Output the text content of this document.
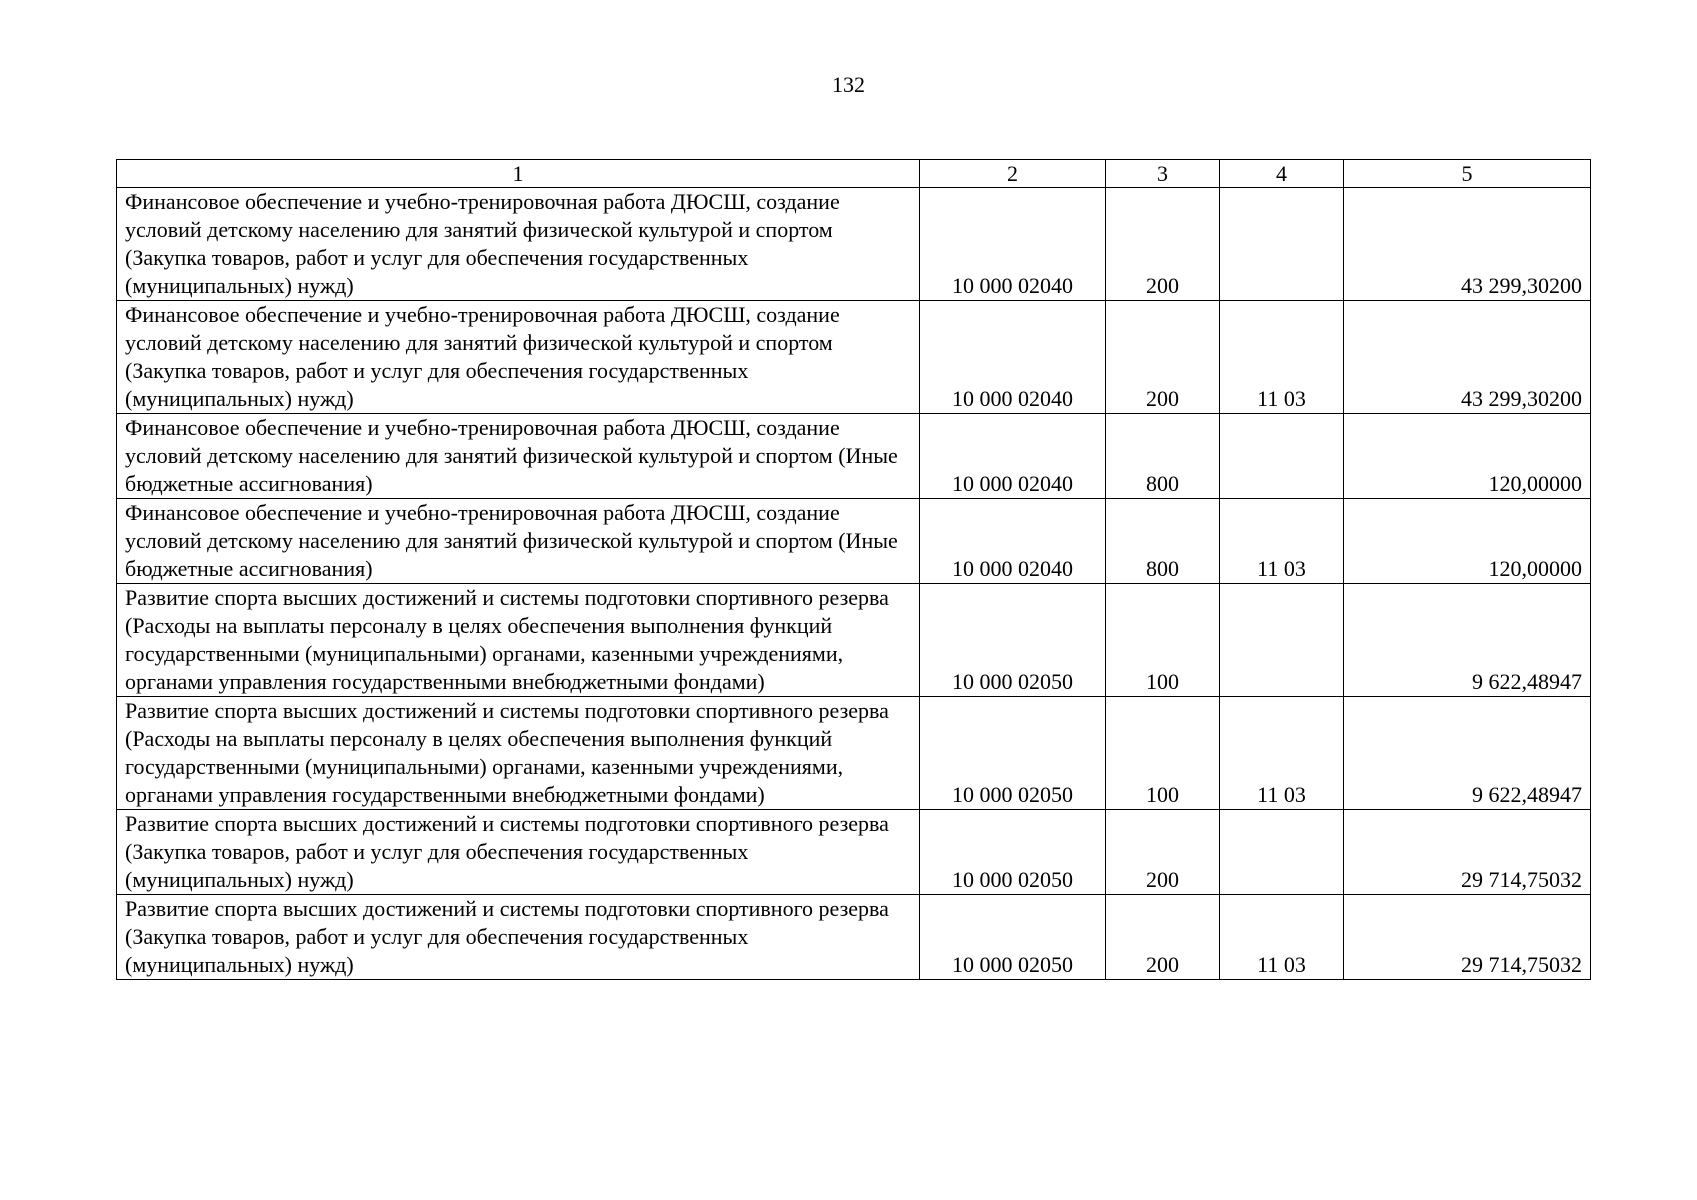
132
1	2	3	4	5
Финансовое обеспечение и учебно-тренировочная работа ДЮСШ, создание условий детскому населению для занятий физической культурой и спортом (Закупка товаров, работ и услуг для обеспечения государственных (муниципальных) нужд)	10 000 02040	200		43 299,30200
Финансовое обеспечение и учебно-тренировочная работа ДЮСШ, создание условий детскому населению для занятий физической культурой и спортом (Закупка товаров, работ и услуг для обеспечения государственных (муниципальных) нужд)	10 000 02040	200	11 03	43 299,30200
Финансовое обеспечение и учебно-тренировочная работа ДЮСШ, создание условий детскому населению для занятий физической культурой и спортом (Иные бюджетные ассигнования)	10 000 02040	800		120,00000
Финансовое обеспечение и учебно-тренировочная работа ДЮСШ, создание условий детскому населению для занятий физической культурой и спортом (Иные бюджетные ассигнования)	10 000 02040	800	11 03	120,00000
Развитие спорта высших достижений и системы подготовки спортивного резерва (Расходы на выплаты персоналу в целях обеспечения выполнения функций государственными (муниципальными) органами, казенными учреждениями, органами управления государственными внебюджетными фондами)	10 000 02050	100		9 622,48947
Развитие спорта высших достижений и системы подготовки спортивного резерва (Расходы на выплаты персоналу в целях обеспечения выполнения функций государственными (муниципальными) органами, казенными учреждениями, органами управления государственными внебюджетными фондами)	10 000 02050	100	11 03	9 622,48947
Развитие спорта высших достижений и системы подготовки спортивного резерва (Закупка товаров, работ и услуг для обеспечения государственных (муниципальных) нужд)	10 000 02050	200		29 714,75032
Развитие спорта высших достижений и системы подготовки спортивного резерва (Закупка товаров, работ и услуг для обеспечения государственных (муниципальных) нужд)	10 000 02050	200	11 03	29 714,75032
